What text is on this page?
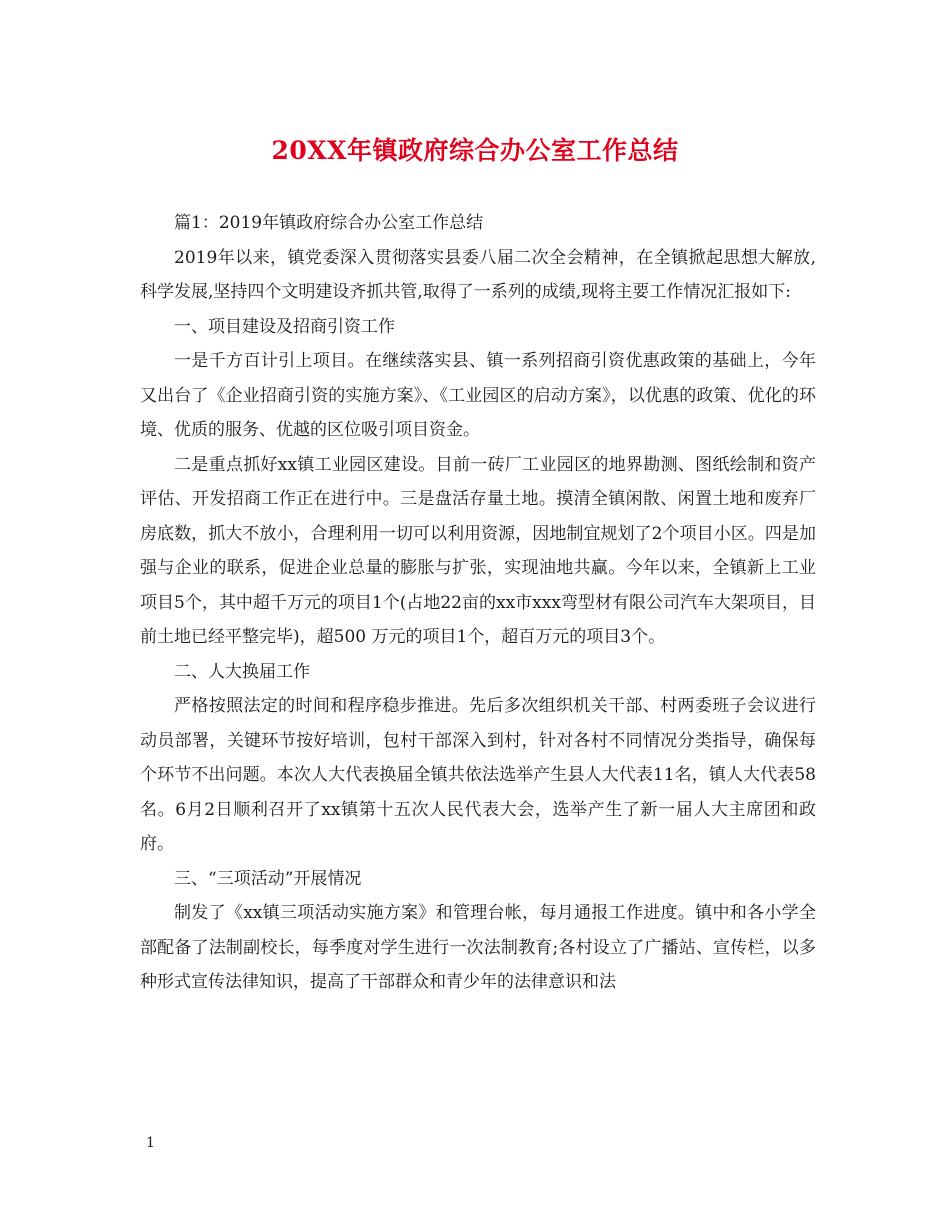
20XX年镇政府综合办公室工作总结

篇1：2019年镇政府综合办公室工作总结

2019年以来，镇党委深入贯彻落实县委八届二次全会精神，在全镇掀起思想大解放,科学发展,坚持四个文明建设齐抓共管,取得了一系列的成绩,现将主要工作情况汇报如下:

一、项目建设及招商引资工作

一是千方百计引上项目。在继续落实县、镇一系列招商引资优惠政策的基础上，今年又出台了《企业招商引资的实施方案》、《工业园区的启动方案》，以优惠的政策、优化的环境、优质的服务、优越的区位吸引项目资金。

二是重点抓好xx镇工业园区建设。目前一砖厂工业园区的地界勘测、图纸绘制和资产评估、开发招商工作正在进行中。三是盘活存量土地。摸清全镇闲散、闲置土地和废弃厂房底数，抓大不放小，合理利用一切可以利用资源，因地制宜规划了2个项目小区。四是加强与企业的联系，促进企业总量的膨胀与扩张，实现油地共赢。今年以来，全镇新上工业项目5个，其中超千万元的项目1个(占地22亩的xx市xxx弯型材有限公司汽车大架项目，目前土地已经平整完毕)，超500 万元的项目1个，超百万元的项目3个。

二、人大换届工作

严格按照法定的时间和程序稳步推进。先后多次组织机关干部、村两委班子会议进行动员部署，关键环节按好培训，包村干部深入到村，针对各村不同情况分类指导，确保每个环节不出问题。本次人大代表换届全镇共依法选举产生县人大代表11名，镇人大代表58名。6月2日顺利召开了xx镇第十五次人民代表大会，选举产生了新一届人大主席团和政府。

三、“三项活动”开展情况

制发了《xx镇三项活动实施方案》和管理台帐，每月通报工作进度。镇中和各小学全部配备了法制副校长，每季度对学生进行一次法制教育;各村设立了广播站、宣传栏，以多种形式宣传法律知识，提高了干部群众和青少年的法律意识和法

1
